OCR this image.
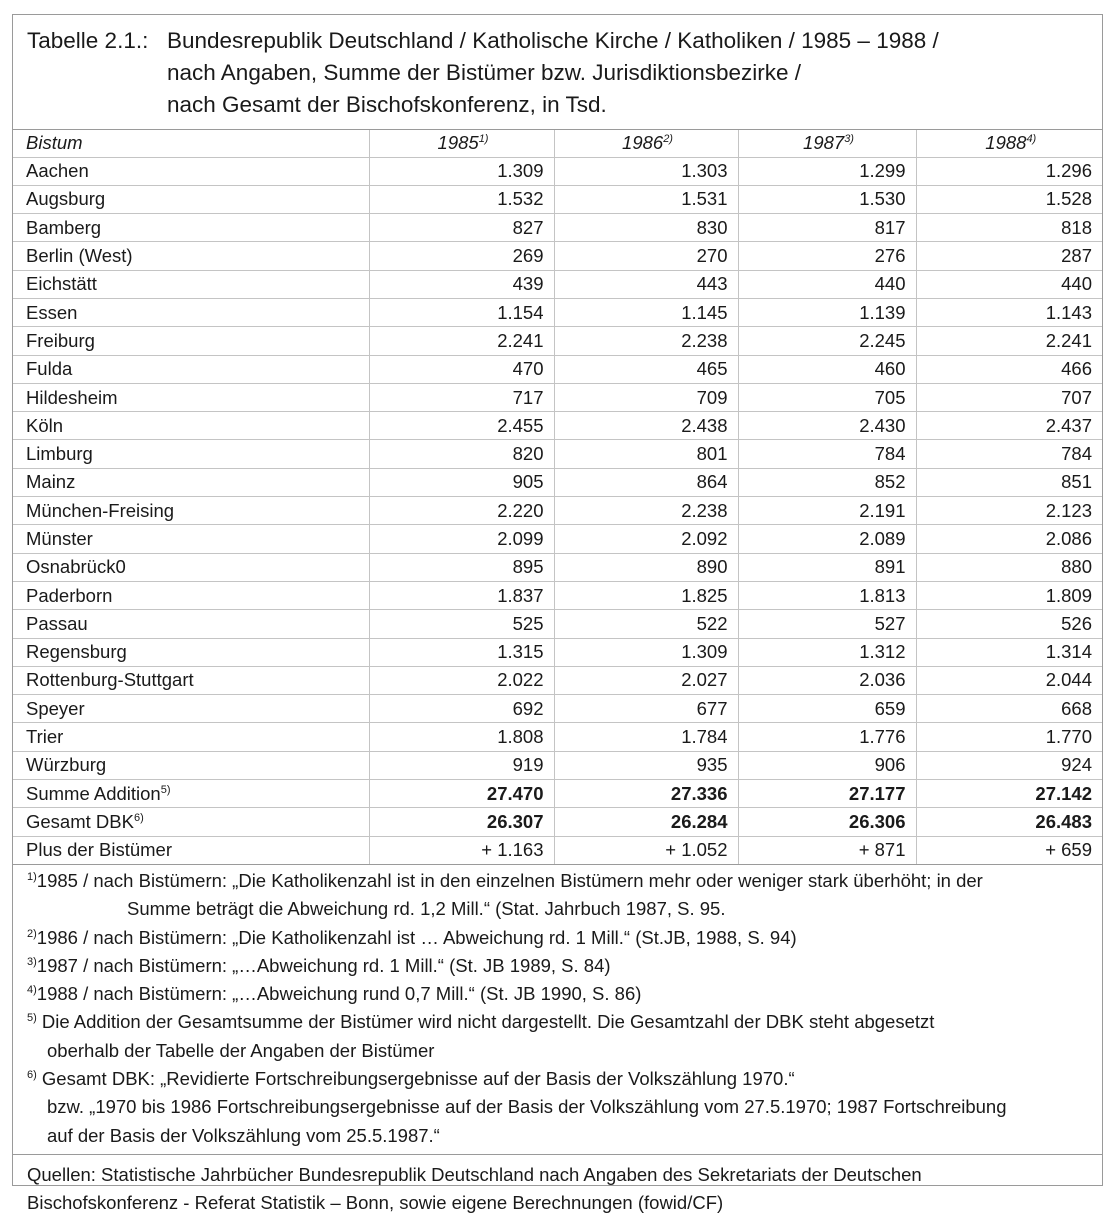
Tabelle 2.1.: Bundesrepublik Deutschland / Katholische Kirche / Katholiken / 1985 – 1988 /
nach Angaben, Summe der Bistümer bzw. Jurisdiktionsbezirke /
nach Gesamt der Bischofskonferenz, in Tsd.
Bistum	1985$^{1)}$	1986$^{2)}$	1987$^{3)}$	1988$^{4)}$
Aachen	1.309	1.303	1.299	1.296
Augsburg	1.532	1.531	1.530	1.528
Bamberg	827	830	817	818
Berlin (West)	269	270	276	287
Eichstätt	439	443	440	440
Essen	1.154	1.145	1.139	1.143
Freiburg	2.241	2.238	2.245	2.241
Fulda	470	465	460	466
Hildesheim	717	709	705	707
Köln	2.455	2.438	2.430	2.437
Limburg	820	801	784	784
Mainz	905	864	852	851
München-Freising	2.220	2.238	2.191	2.123
Münster	2.099	2.092	2.089	2.086
Osnabrück0	895	890	891	880
Paderborn	1.837	1.825	1.813	1.809
Passau	525	522	527	526
Regensburg	1.315	1.309	1.312	1.314
Rottenburg-Stuttgart	2.022	2.027	2.036	2.044
Speyer	692	677	659	668
Trier	1.808	1.784	1.776	1.770
Würzburg	919	935	906	924
Summe Addition$^{5)}$	27.470	27.336	27.177	27.142
Gesamt DBK$^{6)}$	26.307	26.284	26.306	26.483
Plus der Bistümer	+ 1.163	+ 1.052	+ 871	+ 659
$^{1)}$1985 / nach Bistümern: „Die Katholikenzahl ist in den einzelnen Bistümern mehr oder weniger stark überhöht; in der
Summe beträgt die Abweichung rd. 1,2 Mill.“ (Stat. Jahrbuch 1987, S. 95.
$^{2)}$1986 / nach Bistümern: „Die Katholikenzahl ist … Abweichung rd. 1 Mill.“ (St.JB, 1988, S. 94)
$^{3)}$1987 / nach Bistümern: „…Abweichung rd. 1 Mill.“ (St. JB 1989, S. 84)
$^{4)}$1988 / nach Bistümern: „…Abweichung rund 0,7 Mill.“ (St. JB 1990, S. 86)
$^{5)}$ Die Addition der Gesamtsumme der Bistümer wird nicht dargestellt. Die Gesamtzahl der DBK steht abgesetzt
oberhalb der Tabelle der Angaben der Bistümer
$^{6)}$ Gesamt DBK: „Revidierte Fortschreibungsergebnisse auf der Basis der Volkszählung 1970.“
bzw. „1970 bis 1986 Fortschreibungsergebnisse auf der Basis der Volkszählung vom 27.5.1970; 1987 Fortschreibung
auf der Basis der Volkszählung vom 25.5.1987.“
Quellen: Statistische Jahrbücher Bundesrepublik Deutschland nach Angaben des Sekretariats der Deutschen
Bischofskonferenz - Referat Statistik – Bonn, sowie eigene Berechnungen (fowid/CF)
